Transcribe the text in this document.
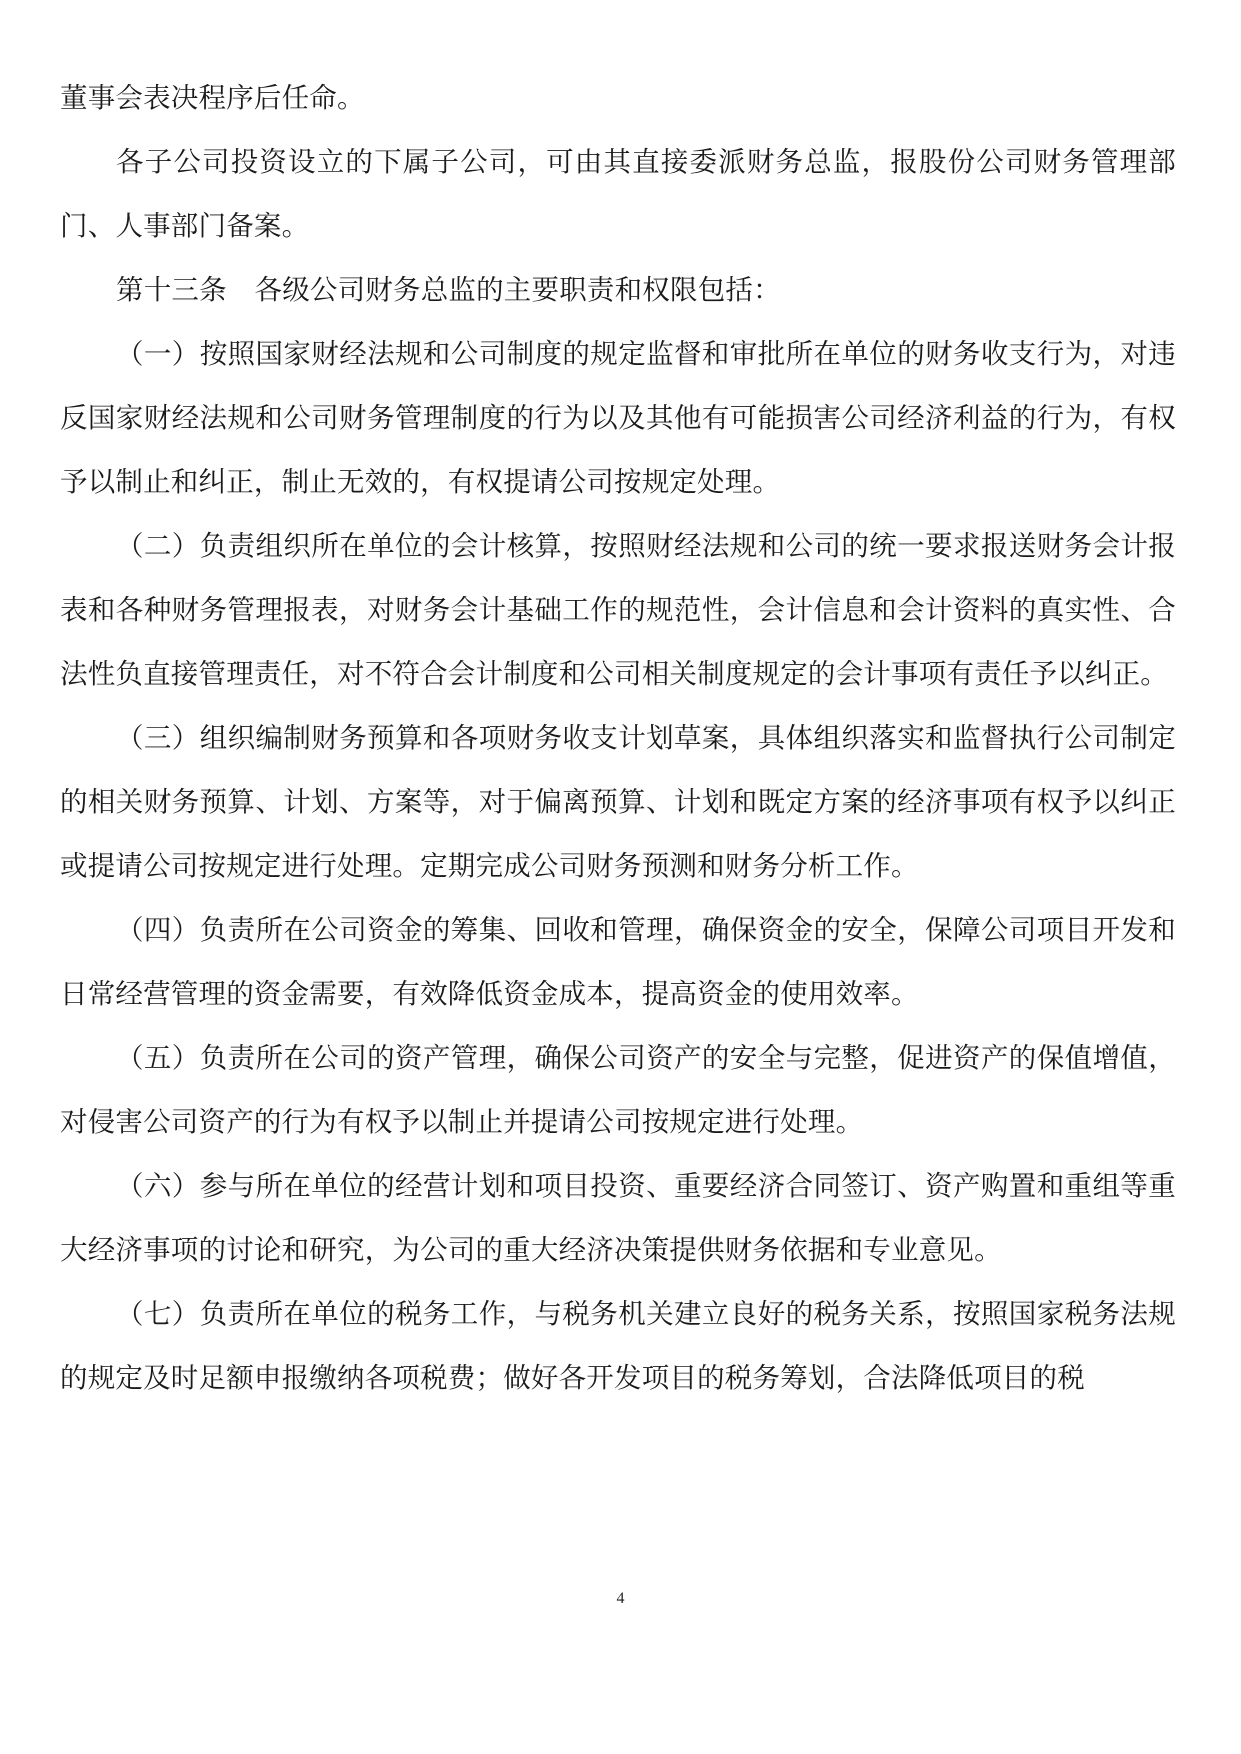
董事会表决程序后任命。

各子公司投资设立的下属子公司，可由其直接委派财务总监，报股份公司财务管理部门、人事部门备案。

第十三条　各级公司财务总监的主要职责和权限包括：

（一）按照国家财经法规和公司制度的规定监督和审批所在单位的财务收支行为，对违反国家财经法规和公司财务管理制度的行为以及其他有可能损害公司经济利益的行为，有权予以制止和纠正，制止无效的，有权提请公司按规定处理。

（二）负责组织所在单位的会计核算，按照财经法规和公司的统一要求报送财务会计报表和各种财务管理报表，对财务会计基础工作的规范性，会计信息和会计资料的真实性、合法性负直接管理责任，对不符合会计制度和公司相关制度规定的会计事项有责任予以纠正。

（三）组织编制财务预算和各项财务收支计划草案，具体组织落实和监督执行公司制定的相关财务预算、计划、方案等，对于偏离预算、计划和既定方案的经济事项有权予以纠正或提请公司按规定进行处理。定期完成公司财务预测和财务分析工作。

（四）负责所在公司资金的筹集、回收和管理，确保资金的安全，保障公司项目开发和日常经营管理的资金需要，有效降低资金成本，提高资金的使用效率。

（五）负责所在公司的资产管理，确保公司资产的安全与完整，促进资产的保值增值，对侵害公司资产的行为有权予以制止并提请公司按规定进行处理。

（六）参与所在单位的经营计划和项目投资、重要经济合同签订、资产购置和重组等重大经济事项的讨论和研究，为公司的重大经济决策提供财务依据和专业意见。

（七）负责所在单位的税务工作，与税务机关建立良好的税务关系，按照国家税务法规的规定及时足额申报缴纳各项税费；做好各开发项目的税务筹划，合法降低项目的税

4
